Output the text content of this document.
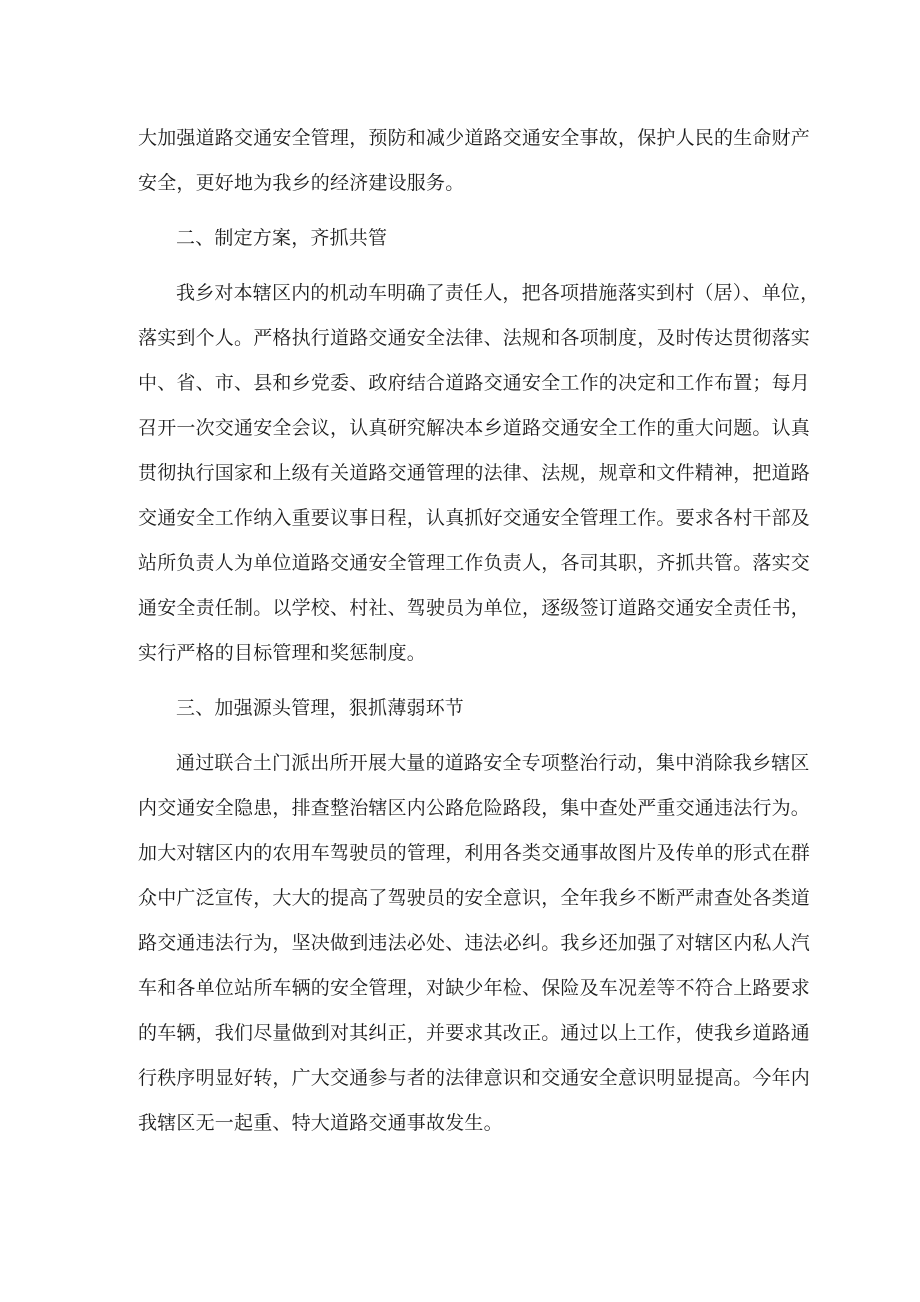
大加强道路交通安全管理，预防和减少道路交通安全事故，保护人民的生命财产
安全，更好地为我乡的经济建设服务。
二、制定方案，齐抓共管
我乡对本辖区内的机动车明确了责任人，把各项措施落实到村（居）、单位，
落实到个人。严格执行道路交通安全法律、法规和各项制度，及时传达贯彻落实
中、省、市、县和乡党委、政府结合道路交通安全工作的决定和工作布置；每月
召开一次交通安全会议，认真研究解决本乡道路交通安全工作的重大问题。认真
贯彻执行国家和上级有关道路交通管理的法律、法规，规章和文件精神，把道路
交通安全工作纳入重要议事日程，认真抓好交通安全管理工作。要求各村干部及
站所负责人为单位道路交通安全管理工作负责人，各司其职，齐抓共管。落实交
通安全责任制。以学校、村社、驾驶员为单位，逐级签订道路交通安全责任书，
实行严格的目标管理和奖惩制度。
三、加强源头管理，狠抓薄弱环节
通过联合土门派出所开展大量的道路安全专项整治行动，集中消除我乡辖区
内交通安全隐患，排查整治辖区内公路危险路段，集中查处严重交通违法行为。
加大对辖区内的农用车驾驶员的管理，利用各类交通事故图片及传单的形式在群
众中广泛宣传，大大的提高了驾驶员的安全意识，全年我乡不断严肃查处各类道
路交通违法行为，坚决做到违法必处、违法必纠。我乡还加强了对辖区内私人汽
车和各单位站所车辆的安全管理，对缺少年检、保险及车况差等不符合上路要求
的车辆，我们尽量做到对其纠正，并要求其改正。通过以上工作，使我乡道路通
行秩序明显好转，广大交通参与者的法律意识和交通安全意识明显提高。今年内
我辖区无一起重、特大道路交通事故发生。
